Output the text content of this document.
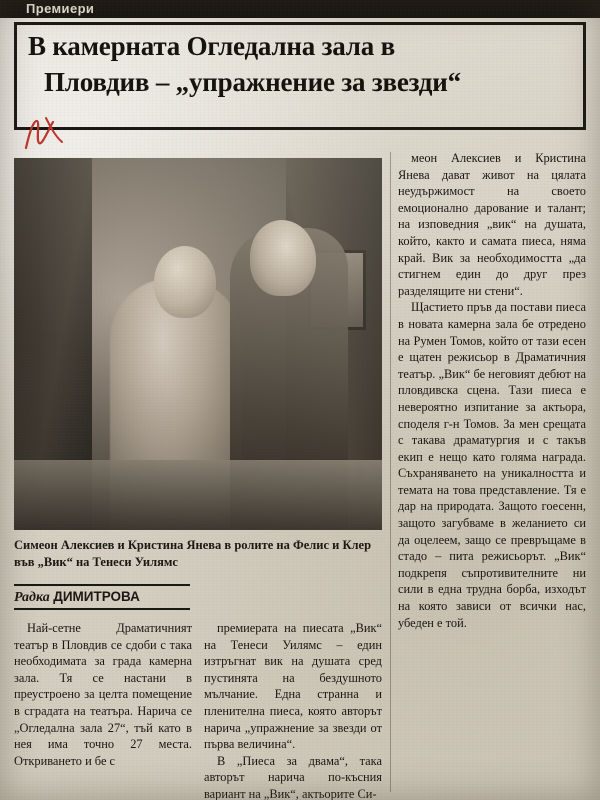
Премиери
В камерната Огледална зала в
Пловдив – „упражнение за звезди“
Симеон Алексиев и Кристина Янева в ролите на Фелис и Клер във „Вик“ на Тенеси Уилямс
Радка ДИМИТРОВА

Най-сетне Драматичният театър в Пловдив се сдоби с така необходимата за града камерна зала. Тя се настани в преустроено за целта помещение в сградата на театъра. Нарича се „Огледална зала 27“, тъй като в нея има точно 27 места. Откриването и бе с

премиерата на пиесата „Вик“ на Тенеси Уилямс – един изтръгнат вик на душата сред пустинята на бездушното мълчание. Една странна и пленителна пиеса, която авторът нарича „упражнение за звезди от първа величина“.

В „Пиеса за двама“, така авторът нарича по-късния вариант на „Вик“, актьорите Си-

меон Алексиев и Кристина Янева дават живот на цялата неудържимост на своето емоционално дарование и талант; на изповедния „вик“ на душата, който, както и самата пиеса, няма край. Вик за необходимостта „да стигнем един до друг през разделящите ни стени“.

Щастието пръв да постави пиеса в новата камерна зала бе отредено на Румен Томов, който от тази есен е щатен режисьор в Драматичния театър. „Вик“ бе неговият дебют на пловдивска сцена. Тази пиеса е невероятно изпитание за актьора, споделя г-н Томов. За мен срещата с такава драматургия и с такъв екип е нещо като голяма награда. Съхраняването на уникалността и темата на това представление. Тя е дар на природата. Защото гоесенн, защото загубваме в желанието си да оцелеем, защо се превръщаме в стадо – пита режисьорът. „Вик“ подкрепя съпротивителните ни сили в една трудна борба, изходът на която зависи от всички нас, убеден е той.
